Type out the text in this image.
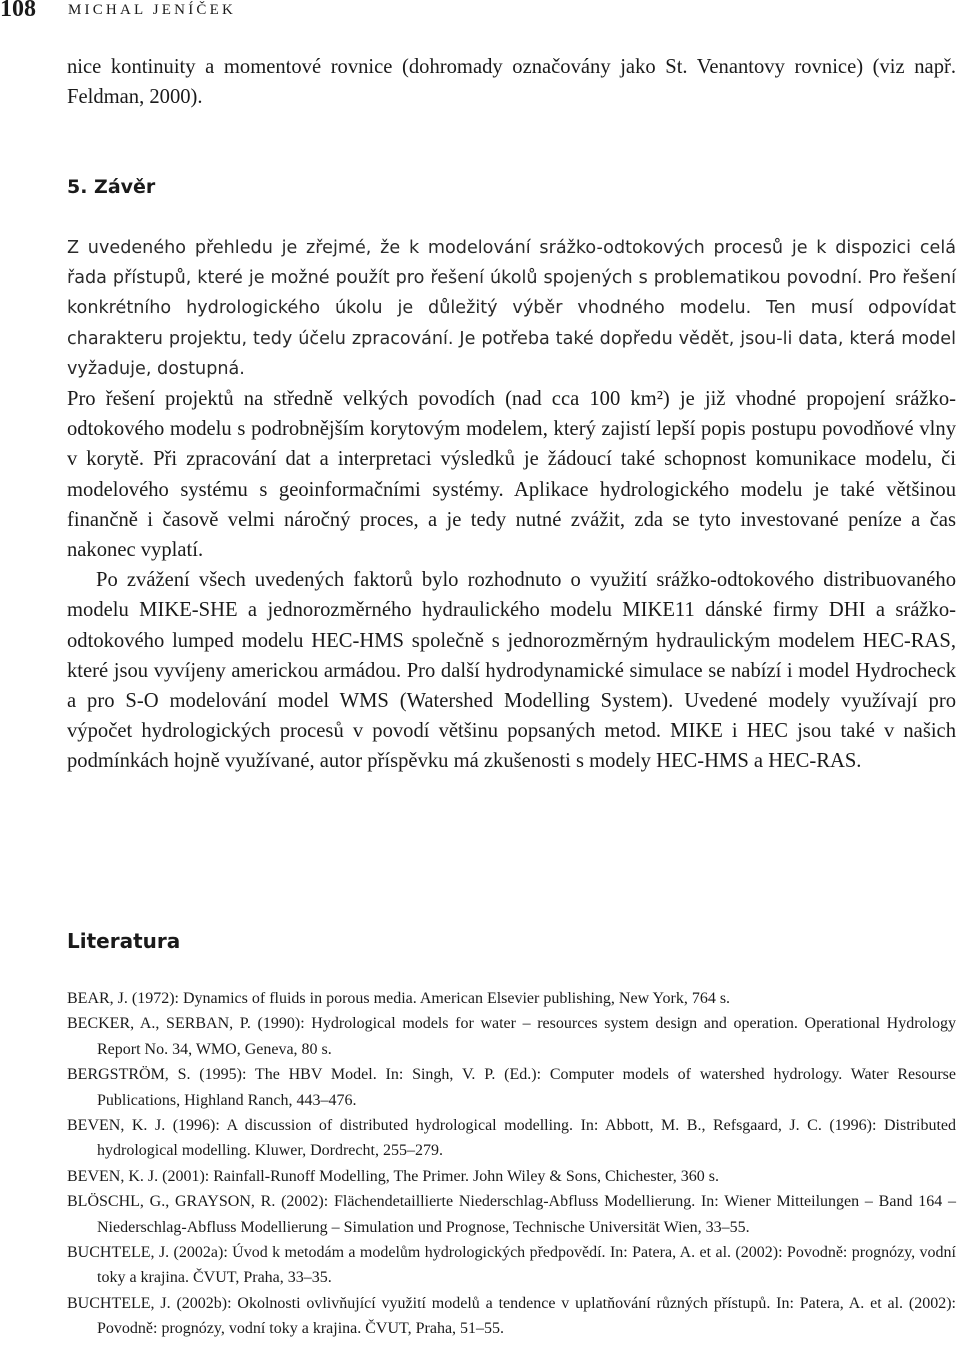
108 MICHAL JENÍČEK

nice kontinuity a momentové rovnice (dohromady označovány jako St. Venantovy rovnice) (viz např. Feldman, 2000).

5. Závěr

Z uvedeného přehledu je zřejmé, že k modelování srážko-odtokových procesů je k dispozici celá řada přístupů, které je možné použít pro řešení úkolů spojených s problematikou povodní. Pro řešení konkrétního hydrologického úkolu je důležitý výběr vhodného modelu. Ten musí odpovídat charakteru projektu, tedy účelu zpracování. Je potřeba také dopředu vědět, jsou-li data, která model vyžaduje, dostupná.

Pro řešení projektů na středně velkých povodích (nad cca 100 km²) je již vhodné propojení srážko-odtokového modelu s podrobnějším korytovým modelem, který zajistí lepší popis postupu povodňové vlny v korytě. Při zpracování dat a interpretaci výsledků je žádoucí také schopnost komunikace modelu, či modelového systému s geoinformačními systémy. Aplikace hydrologického modelu je také většinou finančně i časově velmi náročný proces, a je tedy nutné zvážit, zda se tyto investované peníze a čas nakonec vyplatí.

Po zvážení všech uvedených faktorů bylo rozhodnuto o využití srážko-odtokového distribuovaného modelu MIKE-SHE a jednorozměrného hydraulického modelu MIKE11 dánské firmy DHI a srážko-odtokového lumped modelu HEC-HMS společně s jednorozměrným hydraulickým modelem HEC-RAS, které jsou vyvíjeny americkou armádou. Pro další hydrodynamické simulace se nabízí i model Hydrocheck a pro S-O modelování model WMS (Watershed Modelling System). Uvedené modely využívají pro výpočet hydrologických procesů v povodí většinu popsaných metod. MIKE i HEC jsou také v našich podmínkách hojně využívané, autor příspěvku má zkušenosti s modely HEC-HMS a HEC-RAS.

Literatura

BEAR, J. (1972): Dynamics of fluids in porous media. American Elsevier publishing, New York, 764 s.

BECKER, A., SERBAN, P. (1990): Hydrological models for water – resources system design and operation. Operational Hydrology Report No. 34, WMO, Geneva, 80 s.

BERGSTRÖM, S. (1995): The HBV Model. In: Singh, V. P. (Ed.): Computer models of watershed hydrology. Water Resourse Publications, Highland Ranch, 443–476.

BEVEN, K. J. (1996): A discussion of distributed hydrological modelling. In: Abbott, M. B., Refsgaard, J. C. (1996): Distributed hydrological modelling. Kluwer, Dordrecht, 255–279.

BEVEN, K. J. (2001): Rainfall-Runoff Modelling, The Primer. John Wiley & Sons, Chichester, 360 s.

BLÖSCHL, G., GRAYSON, R. (2002): Flächendetaillierte Niederschlag-Abfluss Modellierung. In: Wiener Mitteilungen – Band 164 – Niederschlag-Abfluss Modellierung – Simulation und Prognose, Technische Universität Wien, 33–55.

BUCHTELE, J. (2002a): Úvod k metodám a modelům hydrologických předpovědí. In: Patera, A. et al. (2002): Povodně: prognózy, vodní toky a krajina. ČVUT, Praha, 33–35.

BUCHTELE, J. (2002b): Okolnosti ovlivňující využití modelů a tendence v uplatňování různých přístupů. In: Patera, A. et al. (2002): Povodně: prognózy, vodní toky a krajina. ČVUT, Praha, 51–55.
